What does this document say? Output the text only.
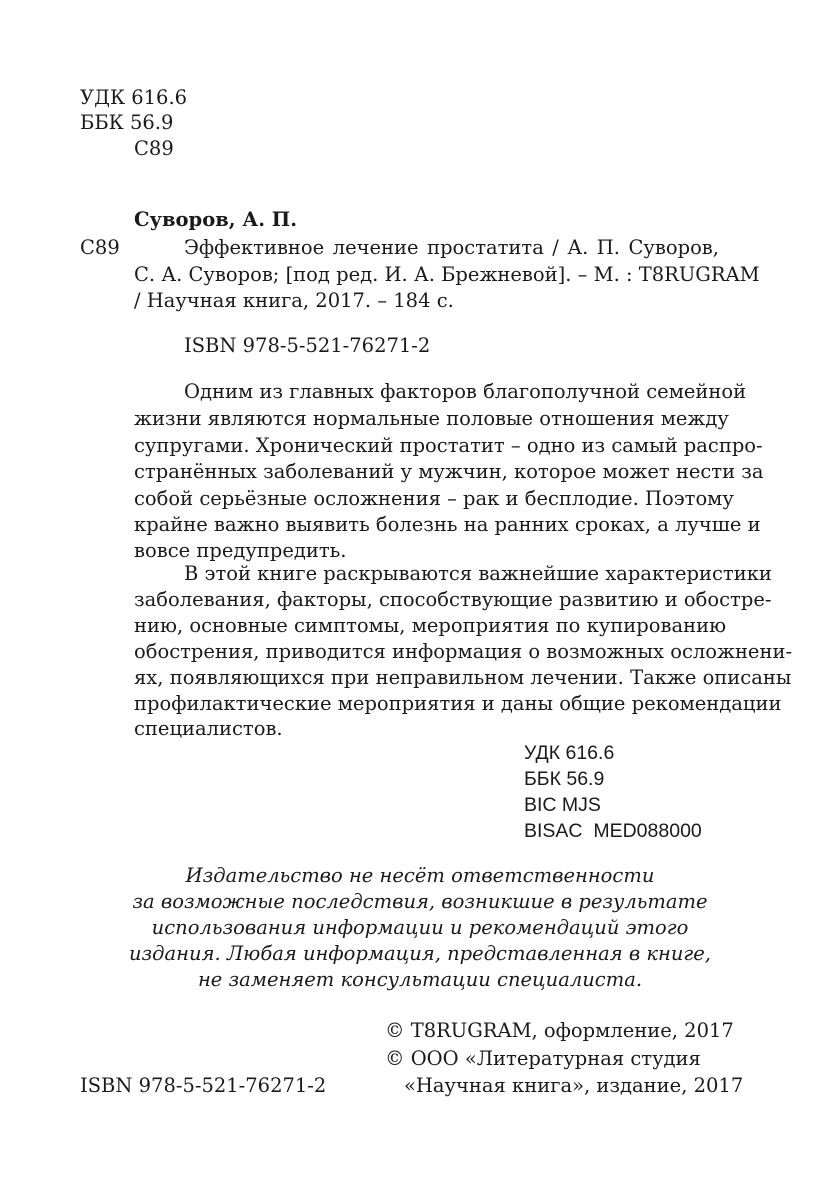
УДК 616.6
ББК 56.9
С89
Суворов, А. П.
С89	Эффективное лечение простатита / А. П. Суворов,
С. А. Суворов; [под ред. И. А. Брежневой]. – М. : T8RUGRAM
/ Научная книга, 2017. – 184 с.
ISBN 978-5-521-76271-2
Одним из главных факторов благополучной семейной
жизни являются нормальные половые отношения между
супругами. Хронический простатит – одно из самый распро-
странённых заболеваний у мужчин, которое может нести за
собой серьёзные осложнения – рак и бесплодие. Поэтому
крайне важно выявить болезнь на ранних сроках, а лучше и
вовсе предупредить.
В этой книге раскрываются важнейшие характеристики
заболевания, факторы, способствующие развитию и обостре-
нию, основные симптомы, мероприятия по купированию
обострения, приводится информация о возможных осложнени-
ях, появляющихся при неправильном лечении. Также описаны
профилактические мероприятия и даны общие рекомендации
специалистов.
УДК 616.6
ББК 56.9
BIC MJS
BISAC  MED088000
Издательство не несёт ответственности
за возможные последствия, возникшие в результате
использования информации и рекомендаций этого
издания. Любая информация, представленная в книге,
не заменяет консультации специалиста.
© T8RUGRAM, оформление, 2017
© ООО «Литературная студия
«Научная книга», издание, 2017
ISBN 978-5-521-76271-2
